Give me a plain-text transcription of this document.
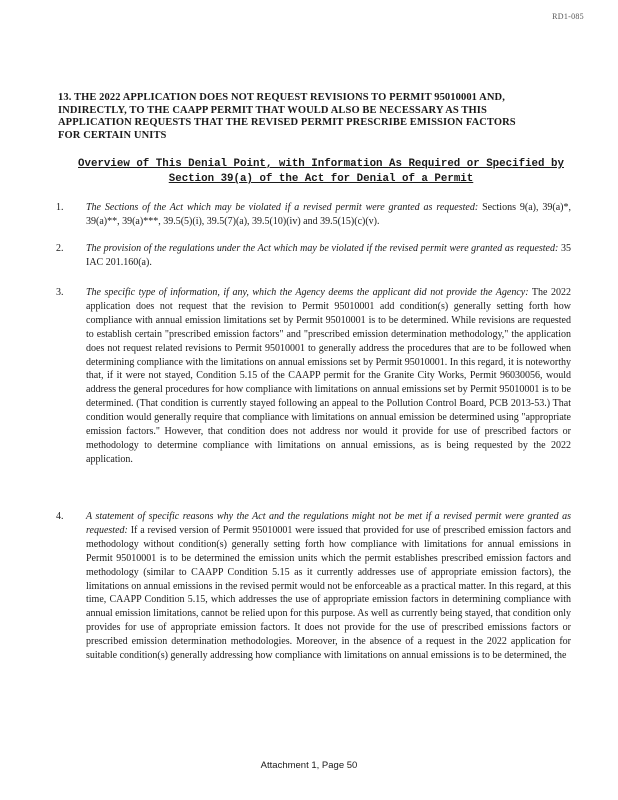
RD1-085
13. THE 2022 APPLICATION DOES NOT REQUEST REVISIONS TO PERMIT 95010001 AND, INDIRECTLY, TO THE CAAPP PERMIT THAT WOULD ALSO BE NECESSARY AS THIS APPLICATION REQUESTS THAT THE REVISED PERMIT PRESCRIBE EMISSION FACTORS FOR CERTAIN UNITS
Overview of This Denial Point, with Information As Required or Specified by Section 39(a) of the Act for Denial of a Permit
1.	The Sections of the Act which may be violated if a revised permit were granted as requested: Sections 9(a), 39(a)*, 39(a)**, 39(a)***, 39.5(5)(i), 39.5(7)(a), 39.5(10)(iv) and 39.5(15)(c)(v).
2.	The provision of the regulations under the Act which may be violated if the revised permit were granted as requested: 35 IAC 201.160(a).
3.	The specific type of information, if any, which the Agency deems the applicant did not provide the Agency: The 2022 application does not request that the revision to Permit 95010001 add condition(s) generally setting forth how compliance with annual emission limitations set by Permit 95010001 is to be determined. While revisions are requested to establish certain "prescribed emission factors" and "prescribed emission determination methodology," the application does not request related revisions to Permit 95010001 to generally address the procedures that are to be followed when determining compliance with the limitations on annual emissions set by Permit 95010001. In this regard, it is noteworthy that, if it were not stayed, Condition 5.15 of the CAAPP permit for the Granite City Works, Permit 96030056, would address the general procedures for how compliance with limitations on annual emissions set by Permit 95010001 is to be determined. (That condition is currently stayed following an appeal to the Pollution Control Board, PCB 2013-53.) That condition would generally require that compliance with limitations on annual emission be determined using "appropriate emission factors." However, that condition does not address nor would it provide for use of prescribed factors or methodology to determine compliance with limitations on annual emissions, as is being requested by the 2022 application.
4.	A statement of specific reasons why the Act and the regulations might not be met if a revised permit were granted as requested: If a revised version of Permit 95010001 were issued that provided for use of prescribed emission factors and methodology without condition(s) generally setting forth how compliance with limitations for annual emissions in Permit 95010001 is to be determined the emission units which the permit establishes prescribed emission factors and methodology (similar to CAAPP Condition 5.15 as it currently addresses use of appropriate emission factors), the limitations on annual emissions in the revised permit would not be enforceable as a practical matter. In this regard, at this time, CAAPP Condition 5.15, which addresses the use of appropriate emission factors in determining compliance with annual emission limitations, cannot be relied upon for this purpose. As well as currently being stayed, that condition only provides for use of appropriate emission factors. It does not provide for the use of prescribed emissions factors or prescribed emission determination methodologies. Moreover, in the absence of a request in the 2022 application for suitable condition(s) generally addressing how compliance with limitations on annual emissions is to be determined, the
Attachment 1, Page 50
